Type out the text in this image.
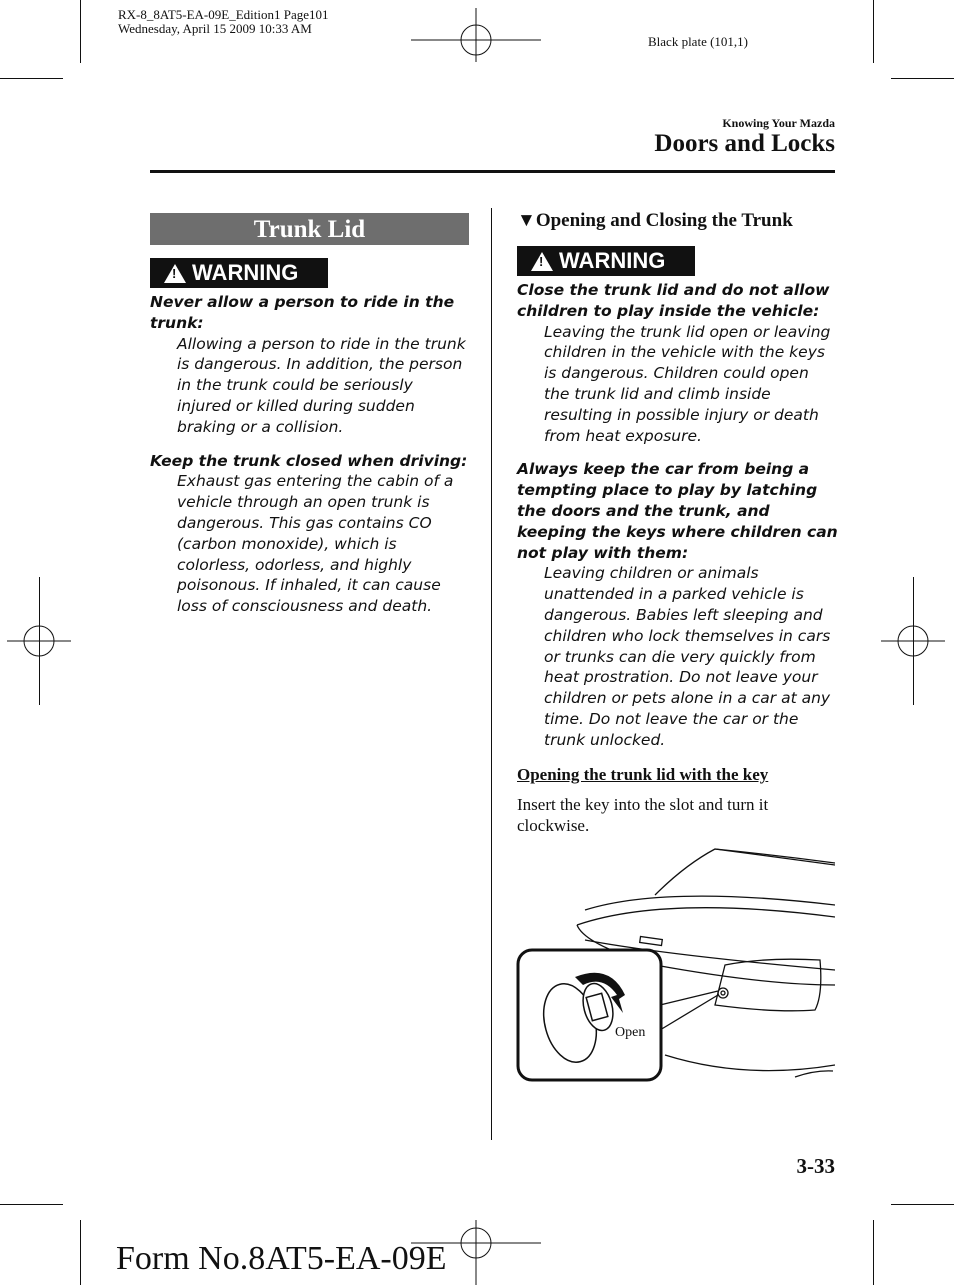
RX-8_8AT5-EA-09E_Edition1 Page101
Wednesday, April 15 2009 10:33 AM
Black plate (101,1)
Knowing Your Mazda
Doors and Locks
Trunk Lid
! WARNING
Never allow a person to ride in the trunk:
Allowing a person to ride in the trunk is dangerous. In addition, the person in the trunk could be seriously injured or killed during sudden braking or a collision.
Keep the trunk closed when driving:
Exhaust gas entering the cabin of a vehicle through an open trunk is dangerous. This gas contains CO (carbon monoxide), which is colorless, odorless, and highly poisonous. If inhaled, it can cause loss of consciousness and death.
▼Opening and Closing the Trunk
! WARNING
Close the trunk lid and do not allow children to play inside the vehicle:
Leaving the trunk lid open or leaving children in the vehicle with the keys is dangerous. Children could open the trunk lid and climb inside resulting in possible injury or death from heat exposure.
Always keep the car from being a tempting place to play by latching the doors and the trunk, and keeping the keys where children can not play with them:
Leaving children or animals unattended in a parked vehicle is dangerous. Babies left sleeping and children who lock themselves in cars or trunks can die very quickly from heat prostration. Do not leave your children or pets alone in a car at any time. Do not leave the car or the trunk unlocked.
Opening the trunk lid with the key
Insert the key into the slot and turn it clockwise.
Open
3-33
Form No.8AT5-EA-09E
